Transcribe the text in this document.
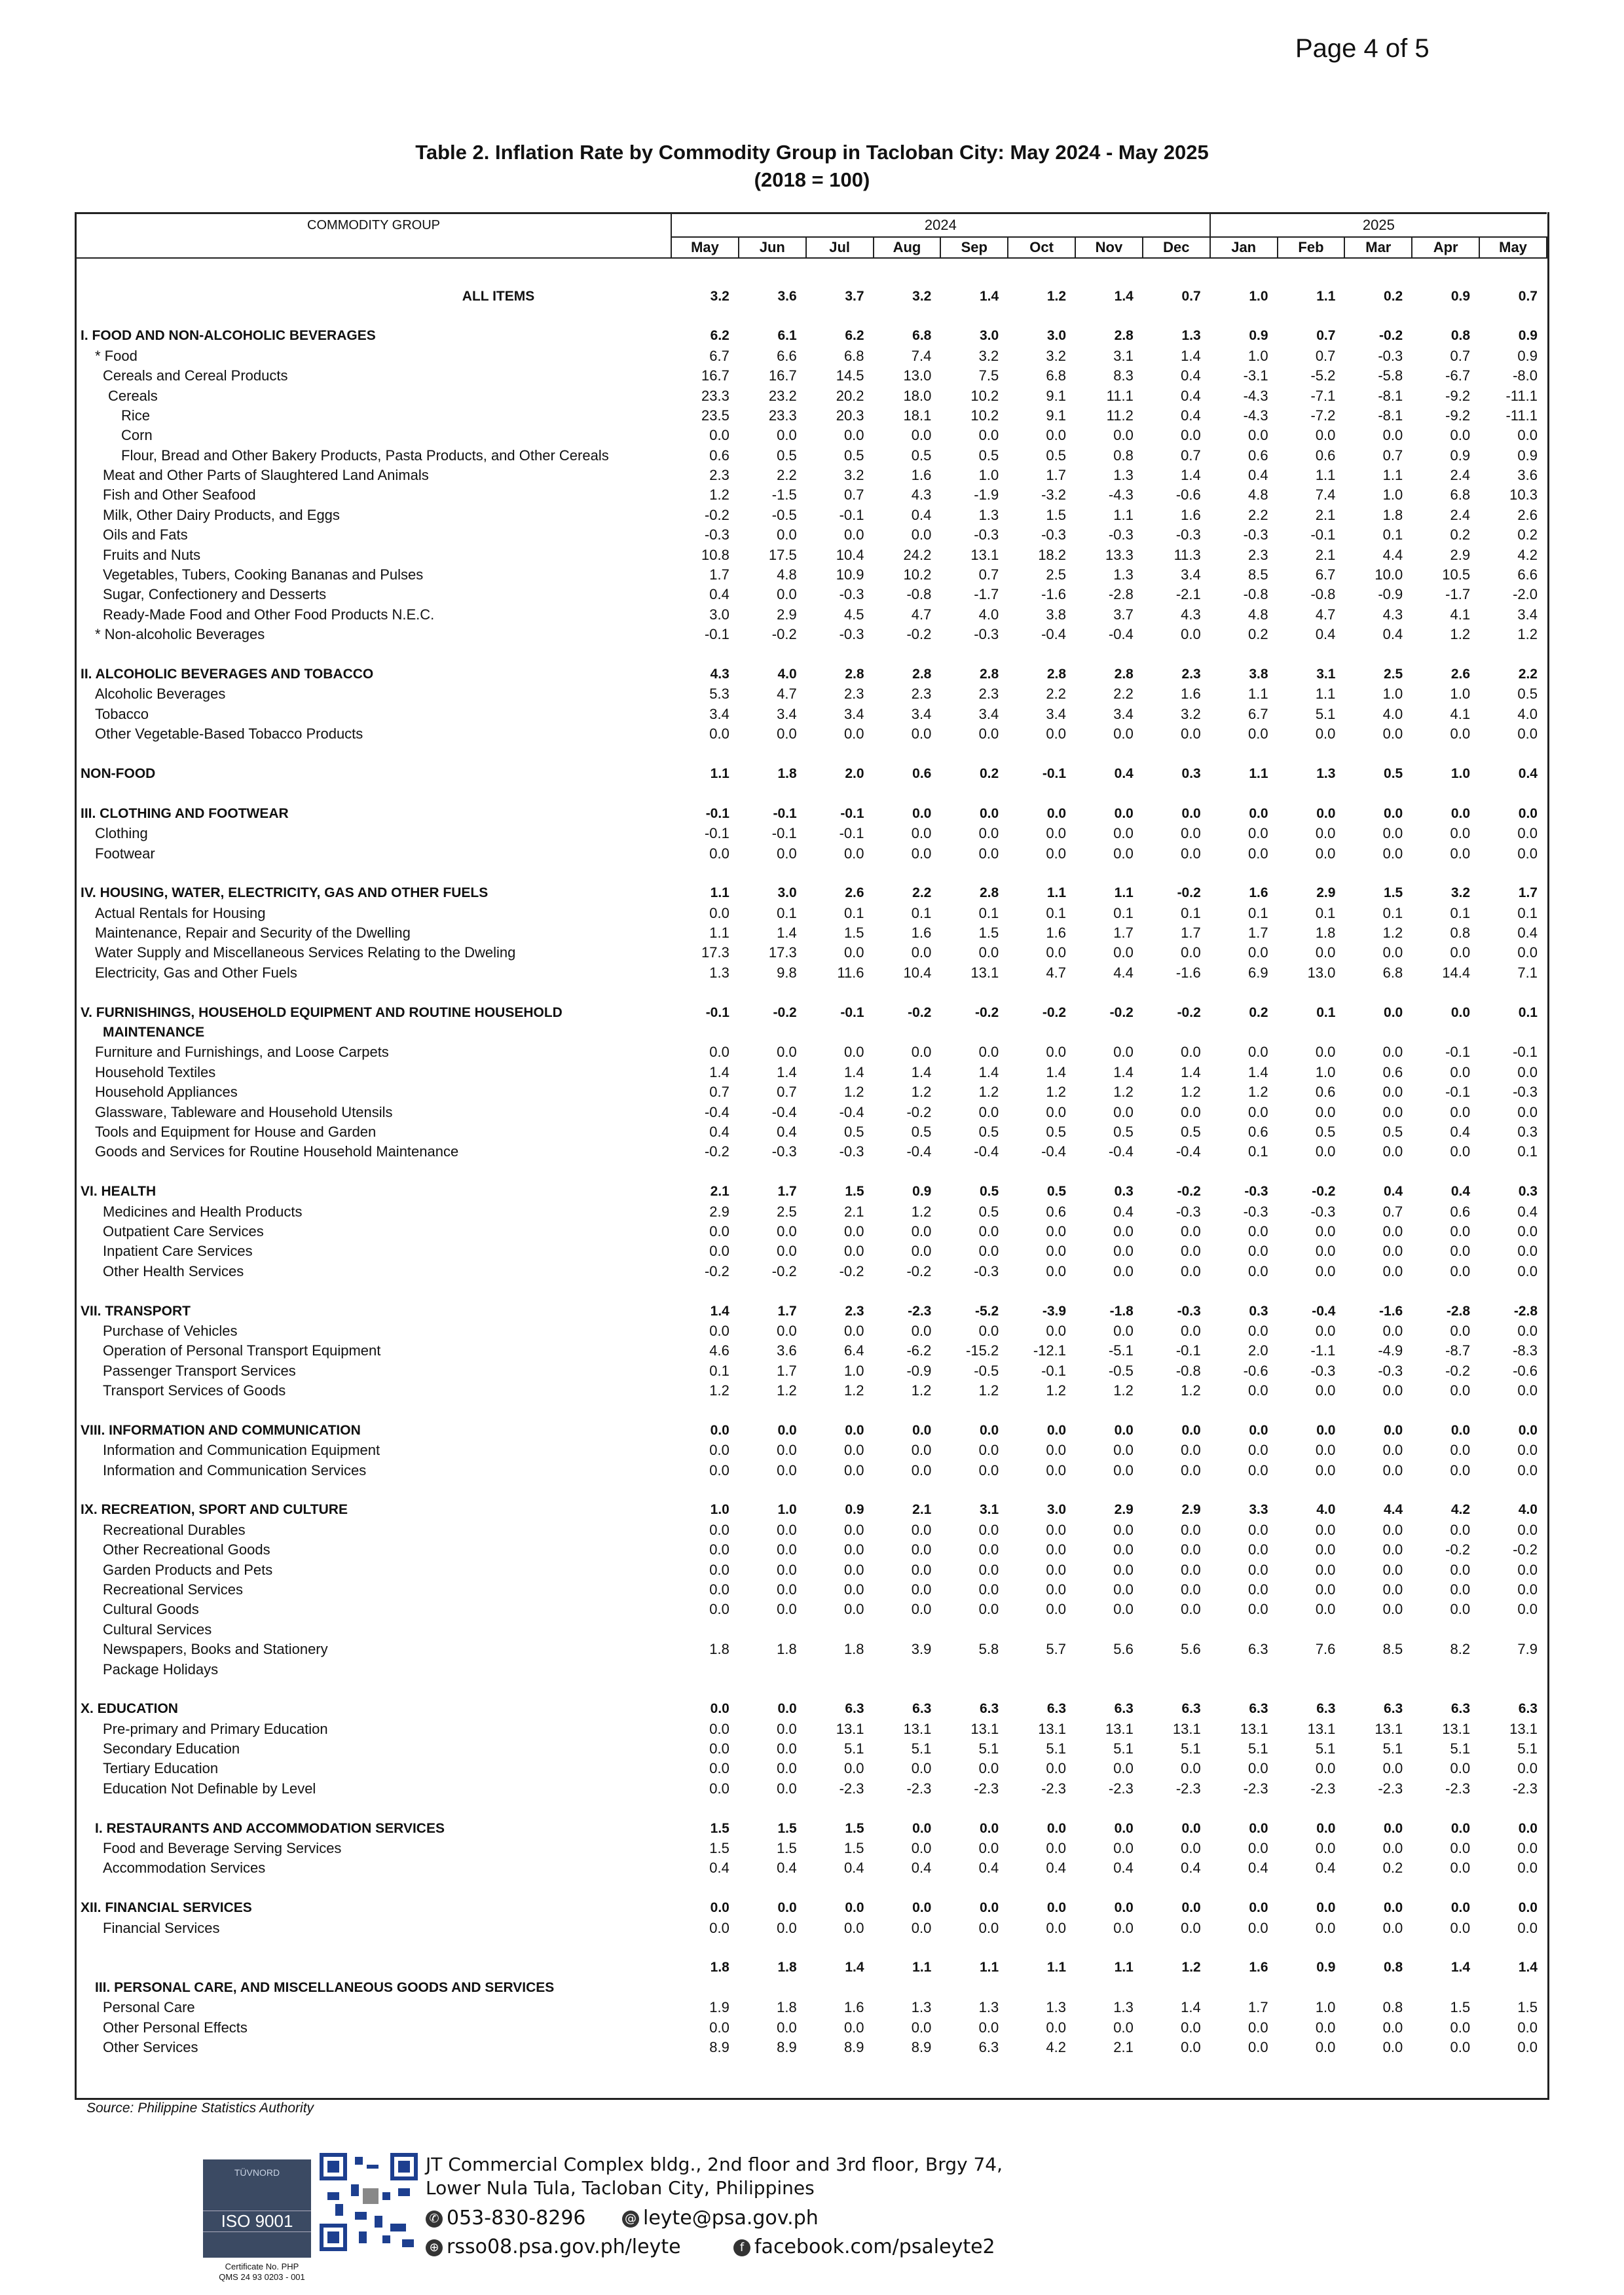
Page 4 of 5
Table 2. Inflation Rate by Commodity Group in Tacloban City: May 2024 - May 2025
(2018 = 100)
COMMODITY GROUP	2024								2025				
	May	Jun	Jul	Aug	Sep	Oct	Nov	Dec	Jan	Feb	Mar	Apr	May

ALL ITEMS	3.2	3.6	3.7	3.2	1.4	1.2	1.4	0.7	1.0	1.1	0.2	0.9	0.7

I. FOOD AND NON-ALCOHOLIC BEVERAGES	6.2	6.1	6.2	6.8	3.0	3.0	2.8	1.3	0.9	0.7	-0.2	0.8	0.9
* Food	6.7	6.6	6.8	7.4	3.2	3.2	3.1	1.4	1.0	0.7	-0.3	0.7	0.9
Cereals and Cereal Products	16.7	16.7	14.5	13.0	7.5	6.8	8.3	0.4	-3.1	-5.2	-5.8	-6.7	-8.0
Cereals	23.3	23.2	20.2	18.0	10.2	9.1	11.1	0.4	-4.3	-7.1	-8.1	-9.2	-11.1
Rice	23.5	23.3	20.3	18.1	10.2	9.1	11.2	0.4	-4.3	-7.2	-8.1	-9.2	-11.1
Corn	0.0	0.0	0.0	0.0	0.0	0.0	0.0	0.0	0.0	0.0	0.0	0.0	0.0
Flour, Bread and Other Bakery Products, Pasta Products, and Other Cereals	0.6	0.5	0.5	0.5	0.5	0.5	0.8	0.7	0.6	0.6	0.7	0.9	0.9
Meat and Other Parts of Slaughtered Land Animals	2.3	2.2	3.2	1.6	1.0	1.7	1.3	1.4	0.4	1.1	1.1	2.4	3.6
Fish and Other Seafood	1.2	-1.5	0.7	4.3	-1.9	-3.2	-4.3	-0.6	4.8	7.4	1.0	6.8	10.3
Milk, Other Dairy Products, and Eggs	-0.2	-0.5	-0.1	0.4	1.3	1.5	1.1	1.6	2.2	2.1	1.8	2.4	2.6
Oils and Fats	-0.3	0.0	0.0	0.0	-0.3	-0.3	-0.3	-0.3	-0.3	-0.1	0.1	0.2	0.2
Fruits and Nuts	10.8	17.5	10.4	24.2	13.1	18.2	13.3	11.3	2.3	2.1	4.4	2.9	4.2
Vegetables, Tubers, Cooking Bananas and Pulses	1.7	4.8	10.9	10.2	0.7	2.5	1.3	3.4	8.5	6.7	10.0	10.5	6.6
Sugar, Confectionery and Desserts	0.4	0.0	-0.3	-0.8	-1.7	-1.6	-2.8	-2.1	-0.8	-0.8	-0.9	-1.7	-2.0
Ready-Made Food and Other Food Products N.E.C.	3.0	2.9	4.5	4.7	4.0	3.8	3.7	4.3	4.8	4.7	4.3	4.1	3.4
* Non-alcoholic Beverages	-0.1	-0.2	-0.3	-0.2	-0.3	-0.4	-0.4	0.0	0.2	0.4	0.4	1.2	1.2

II. ALCOHOLIC BEVERAGES AND TOBACCO	4.3	4.0	2.8	2.8	2.8	2.8	2.8	2.3	3.8	3.1	2.5	2.6	2.2
Alcoholic Beverages	5.3	4.7	2.3	2.3	2.3	2.2	2.2	1.6	1.1	1.1	1.0	1.0	0.5
Tobacco	3.4	3.4	3.4	3.4	3.4	3.4	3.4	3.2	6.7	5.1	4.0	4.1	4.0
Other Vegetable-Based Tobacco Products	0.0	0.0	0.0	0.0	0.0	0.0	0.0	0.0	0.0	0.0	0.0	0.0	0.0

NON-FOOD	1.1	1.8	2.0	0.6	0.2	-0.1	0.4	0.3	1.1	1.3	0.5	1.0	0.4

III. CLOTHING AND FOOTWEAR	-0.1	-0.1	-0.1	0.0	0.0	0.0	0.0	0.0	0.0	0.0	0.0	0.0	0.0
Clothing	-0.1	-0.1	-0.1	0.0	0.0	0.0	0.0	0.0	0.0	0.0	0.0	0.0	0.0
Footwear	0.0	0.0	0.0	0.0	0.0	0.0	0.0	0.0	0.0	0.0	0.0	0.0	0.0

IV. HOUSING, WATER, ELECTRICITY, GAS AND OTHER FUELS	1.1	3.0	2.6	2.2	2.8	1.1	1.1	-0.2	1.6	2.9	1.5	3.2	1.7
Actual Rentals for Housing	0.0	0.1	0.1	0.1	0.1	0.1	0.1	0.1	0.1	0.1	0.1	0.1	0.1
Maintenance, Repair and Security of the Dwelling	1.1	1.4	1.5	1.6	1.5	1.6	1.7	1.7	1.7	1.8	1.2	0.8	0.4
Water Supply and Miscellaneous Services Relating to the Dweling	17.3	17.3	0.0	0.0	0.0	0.0	0.0	0.0	0.0	0.0	0.0	0.0	0.0
Electricity, Gas and Other Fuels	1.3	9.8	11.6	10.4	13.1	4.7	4.4	-1.6	6.9	13.0	6.8	14.4	7.1

V. FURNISHINGS, HOUSEHOLD EQUIPMENT AND ROUTINE HOUSEHOLD	-0.1	-0.2	-0.1	-0.2	-0.2	-0.2	-0.2	-0.2	0.2	0.1	0.0	0.0	0.1
MAINTENANCE													
Furniture and Furnishings, and Loose Carpets	0.0	0.0	0.0	0.0	0.0	0.0	0.0	0.0	0.0	0.0	0.0	-0.1	-0.1
Household Textiles	1.4	1.4	1.4	1.4	1.4	1.4	1.4	1.4	1.4	1.0	0.6	0.0	0.0
Household Appliances	0.7	0.7	1.2	1.2	1.2	1.2	1.2	1.2	1.2	0.6	0.0	-0.1	-0.3
Glassware, Tableware and Household Utensils	-0.4	-0.4	-0.4	-0.2	0.0	0.0	0.0	0.0	0.0	0.0	0.0	0.0	0.0
Tools and Equipment for House and Garden	0.4	0.4	0.5	0.5	0.5	0.5	0.5	0.5	0.6	0.5	0.5	0.4	0.3
Goods and Services for Routine Household Maintenance	-0.2	-0.3	-0.3	-0.4	-0.4	-0.4	-0.4	-0.4	0.1	0.0	0.0	0.0	0.1

VI. HEALTH	2.1	1.7	1.5	0.9	0.5	0.5	0.3	-0.2	-0.3	-0.2	0.4	0.4	0.3
Medicines and Health Products	2.9	2.5	2.1	1.2	0.5	0.6	0.4	-0.3	-0.3	-0.3	0.7	0.6	0.4
Outpatient Care Services	0.0	0.0	0.0	0.0	0.0	0.0	0.0	0.0	0.0	0.0	0.0	0.0	0.0
Inpatient Care Services	0.0	0.0	0.0	0.0	0.0	0.0	0.0	0.0	0.0	0.0	0.0	0.0	0.0
Other Health Services	-0.2	-0.2	-0.2	-0.2	-0.3	0.0	0.0	0.0	0.0	0.0	0.0	0.0	0.0

VII. TRANSPORT	1.4	1.7	2.3	-2.3	-5.2	-3.9	-1.8	-0.3	0.3	-0.4	-1.6	-2.8	-2.8
Purchase of Vehicles	0.0	0.0	0.0	0.0	0.0	0.0	0.0	0.0	0.0	0.0	0.0	0.0	0.0
Operation of Personal Transport Equipment	4.6	3.6	6.4	-6.2	-15.2	-12.1	-5.1	-0.1	2.0	-1.1	-4.9	-8.7	-8.3
Passenger Transport Services	0.1	1.7	1.0	-0.9	-0.5	-0.1	-0.5	-0.8	-0.6	-0.3	-0.3	-0.2	-0.6
Transport Services of Goods	1.2	1.2	1.2	1.2	1.2	1.2	1.2	1.2	0.0	0.0	0.0	0.0	0.0

VIII. INFORMATION AND COMMUNICATION	0.0	0.0	0.0	0.0	0.0	0.0	0.0	0.0	0.0	0.0	0.0	0.0	0.0
Information and Communication Equipment	0.0	0.0	0.0	0.0	0.0	0.0	0.0	0.0	0.0	0.0	0.0	0.0	0.0
Information and Communication Services	0.0	0.0	0.0	0.0	0.0	0.0	0.0	0.0	0.0	0.0	0.0	0.0	0.0

IX. RECREATION, SPORT AND CULTURE	1.0	1.0	0.9	2.1	3.1	3.0	2.9	2.9	3.3	4.0	4.4	4.2	4.0
Recreational Durables	0.0	0.0	0.0	0.0	0.0	0.0	0.0	0.0	0.0	0.0	0.0	0.0	0.0
Other Recreational Goods	0.0	0.0	0.0	0.0	0.0	0.0	0.0	0.0	0.0	0.0	0.0	-0.2	-0.2
Garden Products and Pets	0.0	0.0	0.0	0.0	0.0	0.0	0.0	0.0	0.0	0.0	0.0	0.0	0.0
Recreational Services	0.0	0.0	0.0	0.0	0.0	0.0	0.0	0.0	0.0	0.0	0.0	0.0	0.0
Cultural Goods	0.0	0.0	0.0	0.0	0.0	0.0	0.0	0.0	0.0	0.0	0.0	0.0	0.0
Cultural Services													
Newspapers, Books and Stationery	1.8	1.8	1.8	3.9	5.8	5.7	5.6	5.6	6.3	7.6	8.5	8.2	7.9
Package Holidays													

X. EDUCATION	0.0	0.0	6.3	6.3	6.3	6.3	6.3	6.3	6.3	6.3	6.3	6.3	6.3
Pre-primary and Primary Education	0.0	0.0	13.1	13.1	13.1	13.1	13.1	13.1	13.1	13.1	13.1	13.1	13.1
Secondary Education	0.0	0.0	5.1	5.1	5.1	5.1	5.1	5.1	5.1	5.1	5.1	5.1	5.1
Tertiary Education	0.0	0.0	0.0	0.0	0.0	0.0	0.0	0.0	0.0	0.0	0.0	0.0	0.0
Education Not Definable by Level	0.0	0.0	-2.3	-2.3	-2.3	-2.3	-2.3	-2.3	-2.3	-2.3	-2.3	-2.3	-2.3

I. RESTAURANTS AND ACCOMMODATION SERVICES	1.5	1.5	1.5	0.0	0.0	0.0	0.0	0.0	0.0	0.0	0.0	0.0	0.0
Food and Beverage Serving Services	1.5	1.5	1.5	0.0	0.0	0.0	0.0	0.0	0.0	0.0	0.0	0.0	0.0
Accommodation Services	0.4	0.4	0.4	0.4	0.4	0.4	0.4	0.4	0.4	0.4	0.2	0.0	0.0

XII. FINANCIAL SERVICES	0.0	0.0	0.0	0.0	0.0	0.0	0.0	0.0	0.0	0.0	0.0	0.0	0.0
Financial Services	0.0	0.0	0.0	0.0	0.0	0.0	0.0	0.0	0.0	0.0	0.0	0.0	0.0

	1.8	1.8	1.4	1.1	1.1	1.1	1.1	1.2	1.6	0.9	0.8	1.4	1.4
III. PERSONAL CARE, AND MISCELLANEOUS GOODS AND SERVICES													
Personal Care	1.9	1.8	1.6	1.3	1.3	1.3	1.3	1.4	1.7	1.0	0.8	1.5	1.5
Other Personal Effects	0.0	0.0	0.0	0.0	0.0	0.0	0.0	0.0	0.0	0.0	0.0	0.0	0.0
Other Services	8.9	8.9	8.9	8.9	6.3	4.2	2.1	0.0	0.0	0.0	0.0	0.0	0.0
Source: Philippine Statistics Authority
TÜVNORD
ISO 9001
Certificate No. PHP
QMS 24 93 0203 - 001
JT Commercial Complex bldg., 2nd floor and 3rd floor, Brgy 74,
Lower Nula Tula, Tacloban City, Philippines
✆ 053-830-8296	@ leyte@psa.gov.ph
⊕ rsso08.psa.gov.ph/leyte	f facebook.com/psaleyte2
